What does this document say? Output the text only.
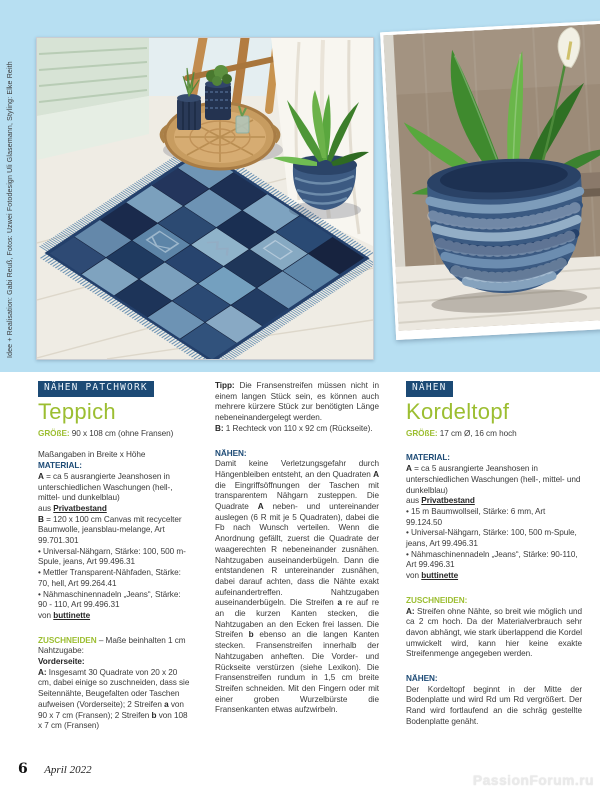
Idee + Realisation: Gabi Reuß, Fotos: Uzwei Fotodesign Uli Glasemann, Styling: Elke Reith
NÄHEN PATCHWORK
Teppich

GRÖßE: 90 x 108 cm (ohne Fransen)

Maßangaben in Breite x Höhe

MATERIAL:

A = ca 5 ausrangierte Jeanshosen in unterschiedlichen Waschungen (hell-, mittel- und dunkelblau)

aus Privatbestand

B = 120 x 100 cm Canvas mit recycelter Baumwolle, jeansblau-melange, Art 99.701.301

• Universal-Nähgarn, Stärke: 100, 500 m-Spule, jeans, Art 99.496.31

• Mettler Transparent-Nähfaden, Stärke: 70, hell, Art 99.264.41

• Nähmaschinennadeln „Jeans“, Stärke: 90 - 110, Art 99.496.31

von buttinette

ZUSCHNEIDEN – Maße beinhalten 1 cm Nahtzugabe:

Vorderseite:

A: Insgesamt 30 Quadrate von 20 x 20 cm, dabei einige so zuschneiden, dass sie Seitennähte, Beugefalten oder Taschen aufweisen (Vorderseite); 2 Streifen a von 90 x 7 cm (Fransen); 2 Streifen b von 108 x 7 cm (Fransen)

Tipp: Die Fransenstreifen müssen nicht in einem langen Stück sein, es können auch mehrere kürzere Stück zur benötigten Länge nebeneinandergelegt werden.

B: 1 Rechteck von 110 x 92 cm (Rückseite).

NÄHEN:

Damit keine Verletzungsgefahr durch Hängenbleiben entsteht, an den Quadraten A die Eingriffsöffnungen der Taschen mit transparentem Nähgarn zusteppen. Die Quadrate A neben- und untereinander auslegen (6 R mit je 5 Quadraten), dabei die Fb nach Wunsch verteilen. Wenn die Anordnung gefällt, zuerst die Quadrate der waagerechten R nebeneinander zusnähen. Nahtzugaben auseinanderbügeln. Dann die entstandenen R untereinander zusnähen, dabei darauf achten, dass die Nähte exakt aufeinandertreffen. Nahtzugaben auseinanderbügeln. Die Streifen a re auf re an die kurzen Kanten stecken, die Nahtzugaben an den Ecken frei lassen. Die Streifen b ebenso an die langen Kanten stecken. Fransenstreifen innerhalb der Nahtzugaben anheften. Die Vorder- und Rückseite verstürzen (siehe Lexikon). Die Fransenstreifen rundum in 1,5 cm breite Streifen schneiden. Mit den Fingern oder mit einer groben Wurzelbürste die Fransenkanten etwas aufzwirbeln.

NÄHEN
Kordeltopf

GRÖßE: 17 cm Ø, 16 cm hoch

MATERIAL:

A = ca 5 ausrangierte Jeanshosen in unterschiedlichen Waschungen (hell-, mittel- und dunkelblau)

aus Privatbestand

• 15 m Baumwollseil, Stärke: 6 mm, Art 99.124.50

• Universal-Nähgarn, Stärke: 100, 500 m-Spule, jeans, Art 99.496.31

• Nähmaschinennadeln „Jeans“, Stärke: 90-110, Art 99.496.31

von buttinette

ZUSCHNEIDEN:

A: Streifen ohne Nähte, so breit wie möglich und ca 2 cm hoch. Da der Materialverbrauch sehr davon abhängt, wie stark überlappend die Kordel umwickelt wird, kann hier keine exakte Streifenmenge angegeben werden.

NÄHEN:

Der Kordeltopf beginnt in der Mitte der Bodenplatte und wird Rd um Rd vergrößert. Der Rand wird fortlaufend an die schräg gestellte Bodenplatte genäht.

6 April 2022
PassionForum.ru
